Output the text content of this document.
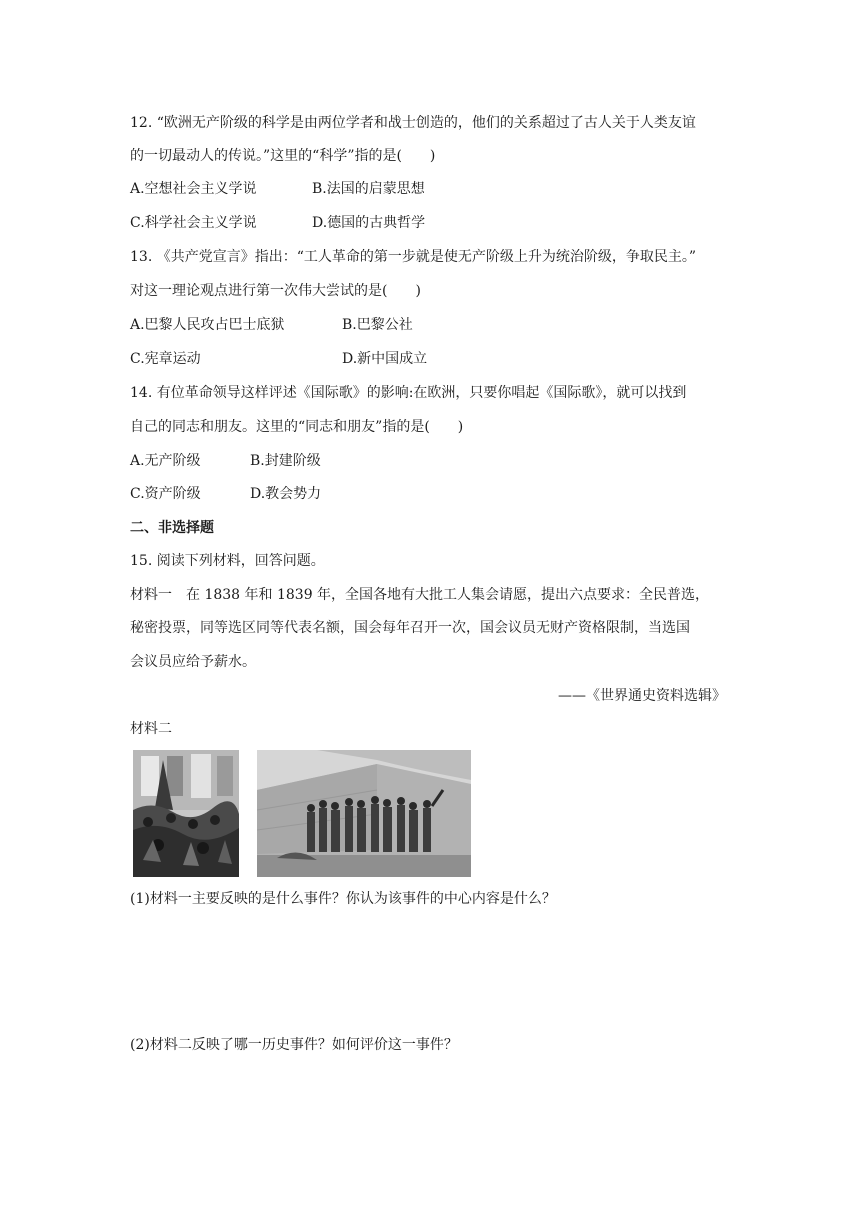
12. “欧洲无产阶级的科学是由两位学者和战士创造的，他们的关系超过了古人关于人类友谊
的一切最动人的传说。”这里的“科学”指的是(　　)
A.空想社会主义学说	B.法国的启蒙思想
C.科学社会主义学说	D.德国的古典哲学
13. 《共产党宣言》指出：“工人革命的第一步就是使无产阶级上升为统治阶级，争取民主。”
对这一理论观点进行第一次伟大尝试的是(　　)
A.巴黎人民攻占巴士底狱	B.巴黎公社
C.宪章运动	D.新中国成立
14. 有位革命领导这样评述《国际歌》的影响:在欧洲，只要你唱起《国际歌》，就可以找到
自己的同志和朋友。这里的“同志和朋友”指的是(　　)
A.无产阶级	B.封建阶级
C.资产阶级	D.教会势力
二、非选择题
15. 阅读下列材料，回答问题。
材料一　在 1838 年和 1839 年，全国各地有大批工人集会请愿，提出六点要求：全民普选，
秘密投票，同等选区同等代表名额，国会每年召开一次，国会议员无财产资格限制，当选国
会议员应给予薪水。
——《世界通史资料选辑》
材料二
(1)材料一主要反映的是什么事件？你认为该事件的中心内容是什么？
(2)材料二反映了哪一历史事件？如何评价这一事件？
